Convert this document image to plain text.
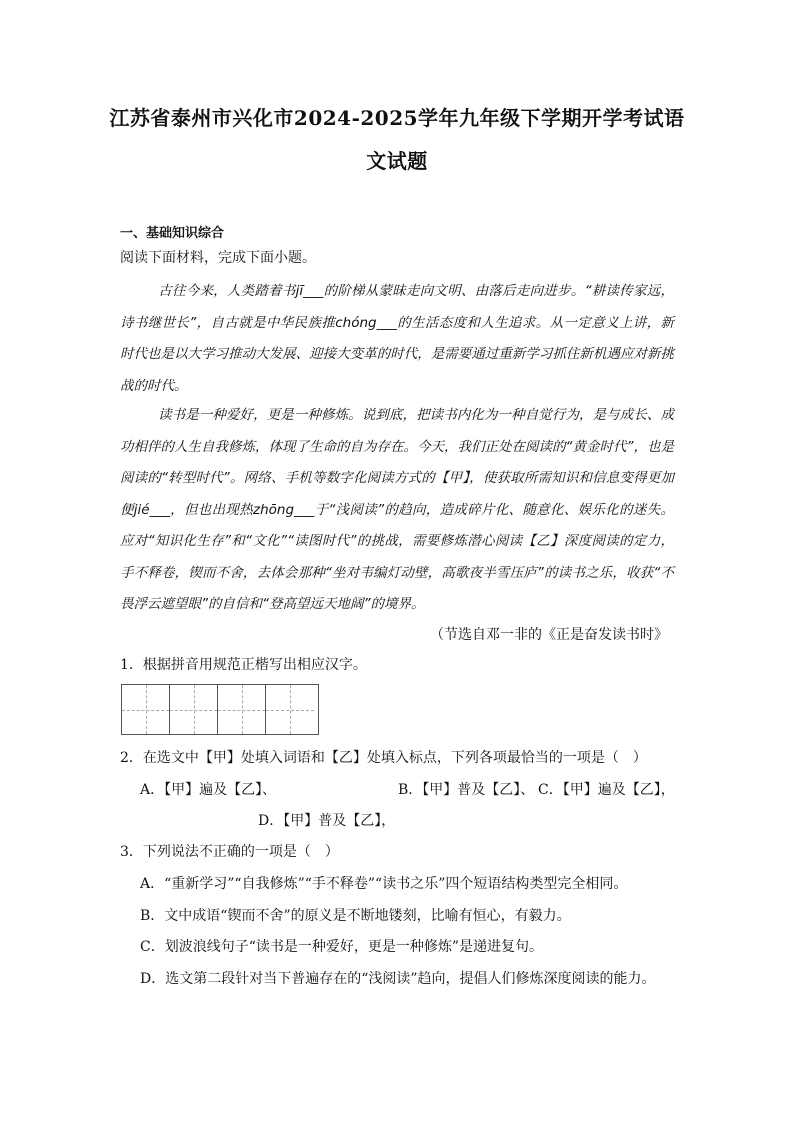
江苏省泰州市兴化市2024-2025学年九年级下学期开学考试语
文试题
一、基础知识综合
阅读下面材料，完成下面小题。
古往今来，人类踏着书jī___的阶梯从蒙昧走向文明、由落后走向进步。“耕读传家远，诗书继世长”，自古就是中华民族推chóng___的生活态度和人生追求。从一定意义上讲，新时代也是以大学习推动大发展、迎接大变革的时代，是需要通过重新学习抓住新机遇应对新挑战的时代。
读书是一种爱好，更是一种修炼。说到底，把读书内化为一种自觉行为，是与成长、成功相伴的人生自我修炼，体现了生命的自为存在。今天，我们正处在阅读的“黄金时代”，也是阅读的“转型时代”。网络、手机等数字化阅读方式的【甲】，使获取所需知识和信息变得更加便jié___，但也出现热zhōng___于“浅阅读”的趋向，造成碎片化、随意化、娱乐化的迷失。应对“知识化生存”和“文化”“读图时代”的挑战，需要修炼潜心阅读【乙】深度阅读的定力，手不释卷，锲而不舍，去体会那种“坐对韦编灯动壁，高歌夜半雪压庐”的读书之乐，收获“不畏浮云遮望眼”的自信和“登高望远天地阔”的境界。
（节选自邓一非的《正是奋发读书时》
1．根据拼音用规范正楷写出相应汉字。
2．在选文中【甲】处填入词语和【乙】处填入标点，下列各项最恰当的一项是（　）
A．【甲】遍及【乙】、	B．【甲】普及【乙】、 C．【甲】遍及【乙】，
D．【甲】普及【乙】，
3．下列说法不正确的一项是（　）
A．“重新学习”“自我修炼”“手不释卷”“读书之乐”四个短语结构类型完全相同。
B．文中成语“锲而不舍”的原义是不断地镂刻，比喻有恒心，有毅力。
C．划波浪线句子“读书是一种爱好，更是一种修炼”是递进复句。
D．选文第二段针对当下普遍存在的“浅阅读”趋向，提倡人们修炼深度阅读的能力。
